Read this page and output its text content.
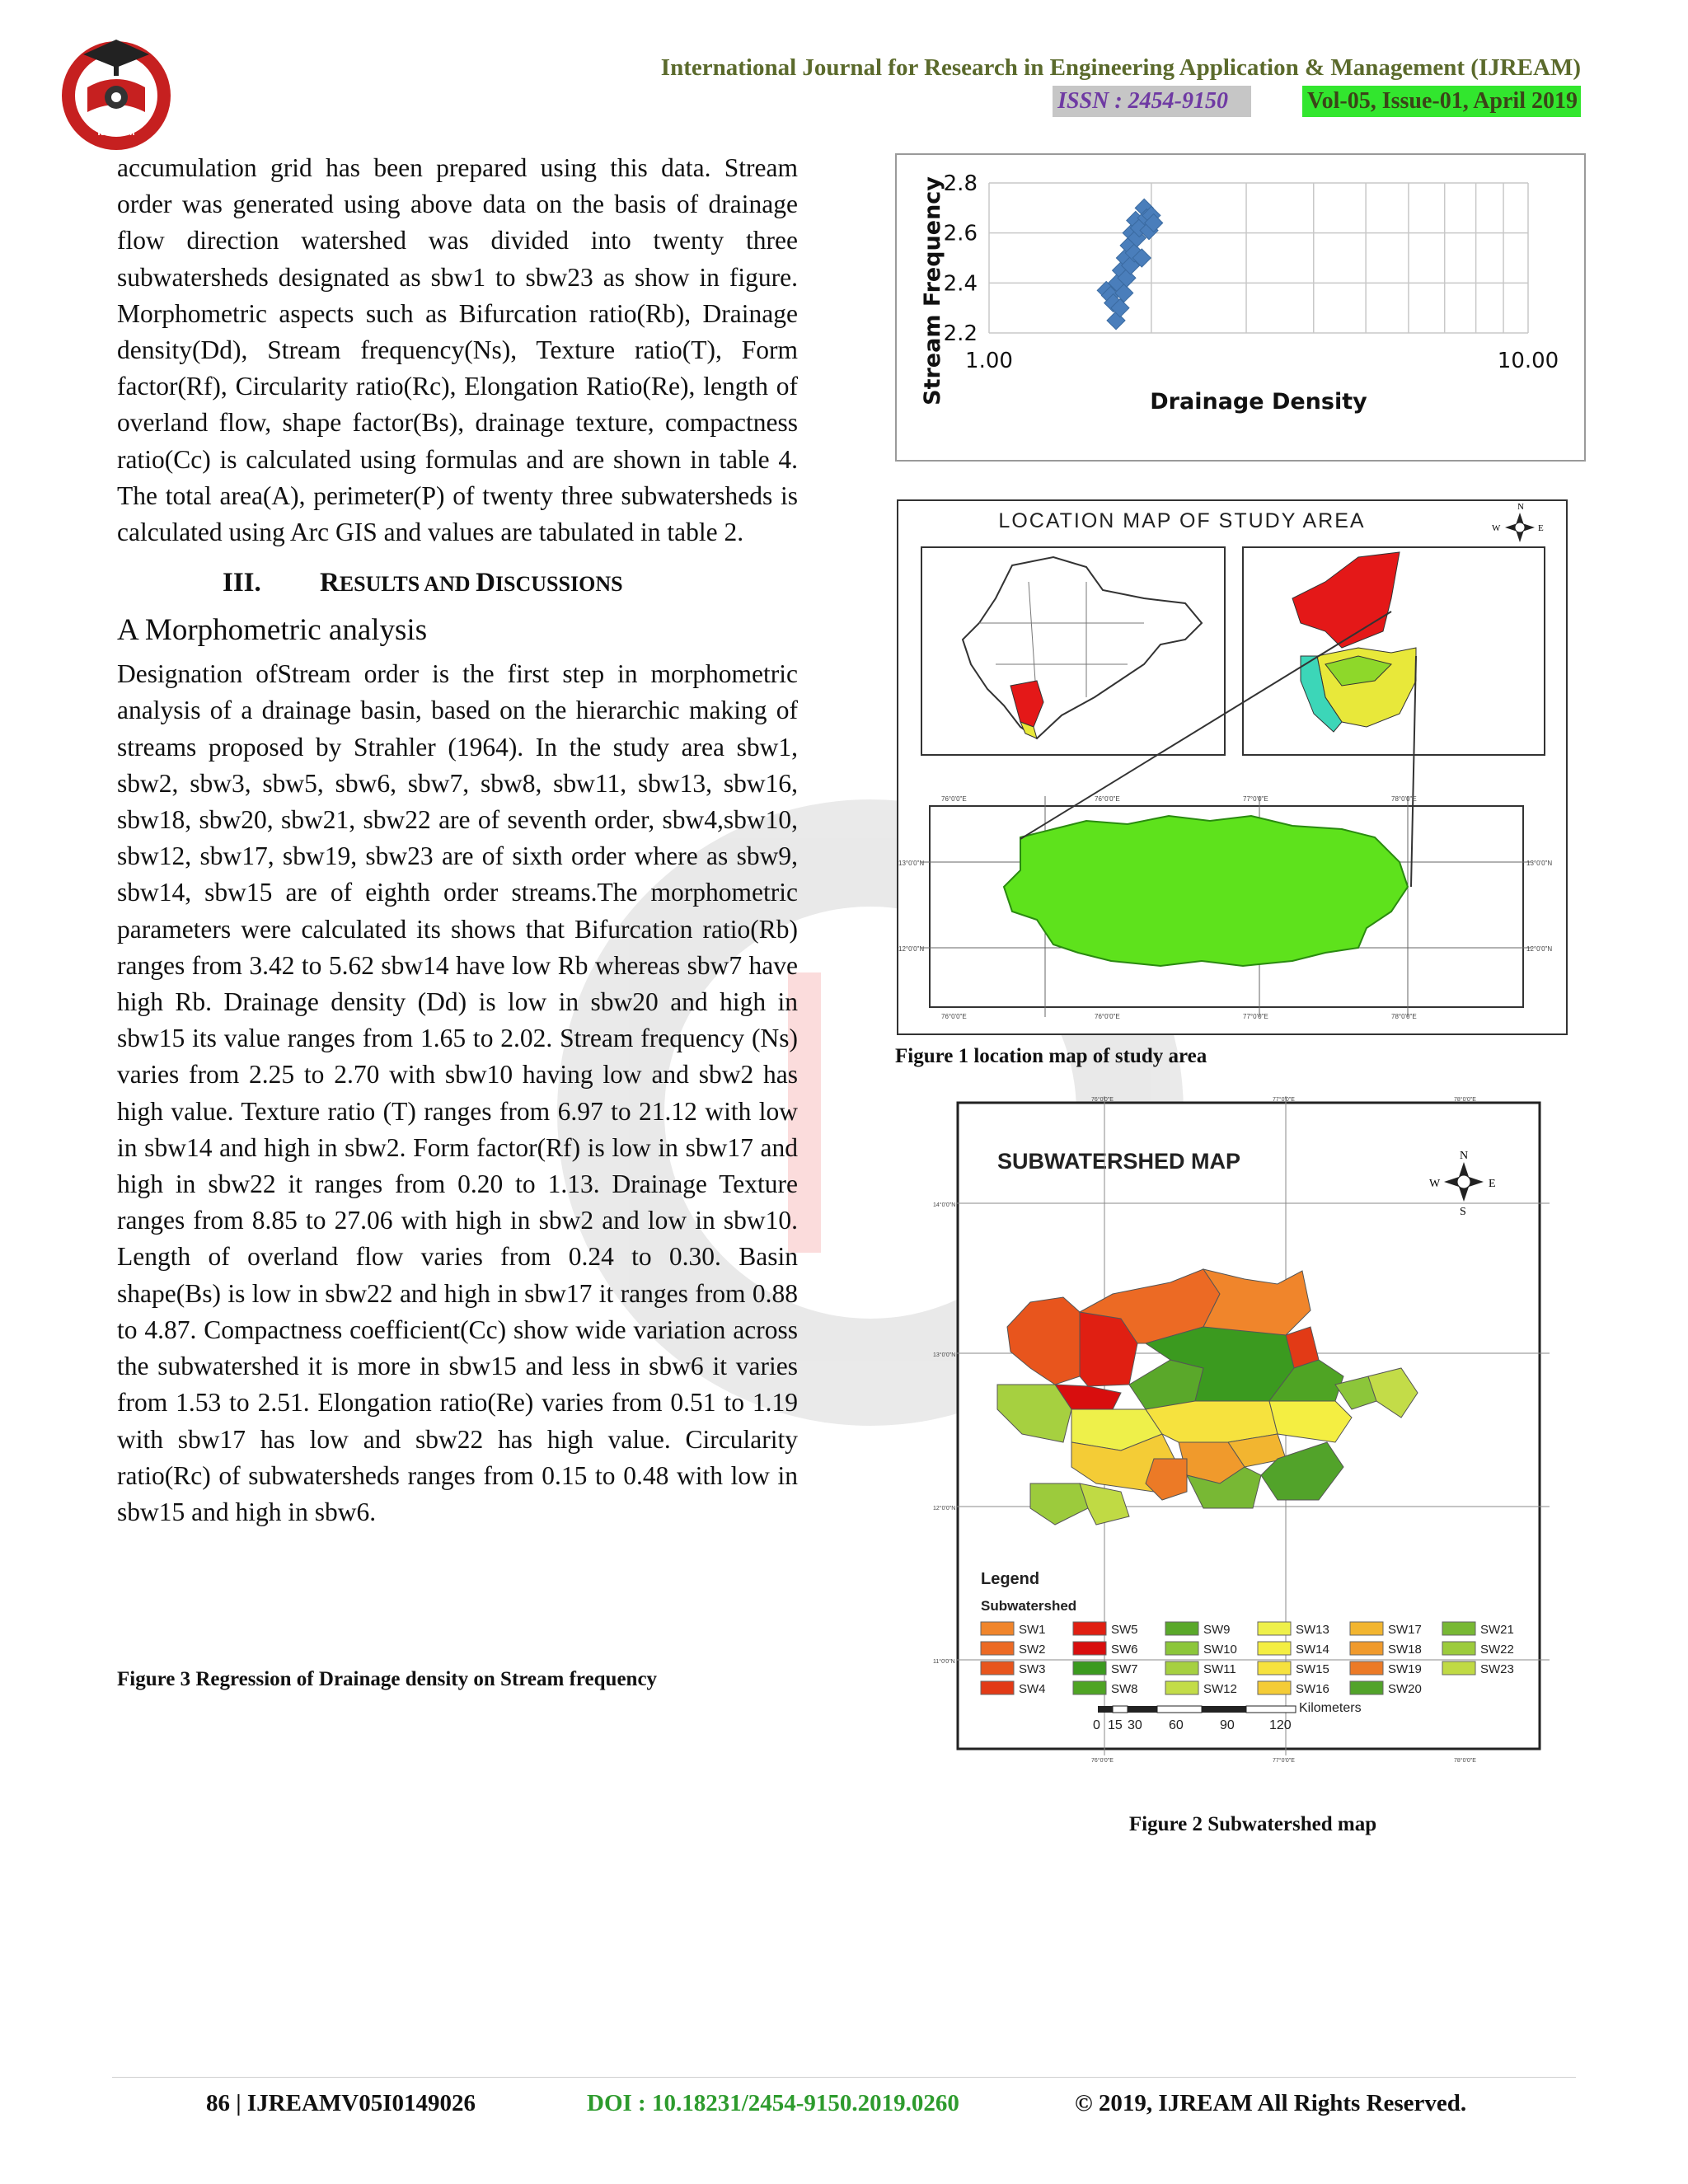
IJREAM
International Journal for Research in Engineering Application & Management (IJREAM)
ISSN : 2454-9150	Vol-05, Issue-01, April 2019

accumulation grid has been prepared using this data. Stream order was generated using above data on the basis of drainage flow direction watershed was divided into twenty three subwatersheds designated as sbw1 to sbw23 as show in figure. Morphometric aspects such as Bifurcation ratio(Rb), Drainage density(Dd), Stream frequency(Ns), Texture ratio(T), Form factor(Rf), Circularity ratio(Rc), Elongation Ratio(Re), length of overland flow, shape factor(Bs), drainage texture, compactness ratio(Cc) is calculated using formulas and are shown in table 4. The total area(A), perimeter(P) of twenty three subwatersheds is calculated using Arc GIS and values are tabulated in table 2.

III. RESULTS AND DISCUSSIONS
A Morphometric analysis

Designation ofStream order is the first step in morphometric analysis of a drainage basin, based on the hierarchic making of streams proposed by Strahler (1964). In the study area sbw1, sbw2, sbw3, sbw5, sbw6, sbw7, sbw8, sbw11, sbw13, sbw16, sbw18, sbw20, sbw21, sbw22 are of seventh order, sbw4,sbw10, sbw12, sbw17, sbw19, sbw23 are of sixth order where as sbw9, sbw14, sbw15 are of eighth order streams.The morphometric parameters were calculated its shows that Bifurcation ratio(Rb) ranges from 3.42 to 5.62 sbw14 have low Rb whereas sbw7 have high Rb. Drainage density (Dd) is low in sbw20 and high in sbw15 its value ranges from 1.65 to 2.02. Stream frequency (Ns) varies from 2.25 to 2.70 with sbw10 having low and sbw2 has high value. Texture ratio (T) ranges from 6.97 to 21.12 with low in sbw14 and high in sbw2. Form factor(Rf) is low in sbw17 and high in sbw22 it ranges from 0.20 to 1.13. Drainage Texture ranges from 8.85 to 27.06 with high in sbw2 and low in sbw10. Length of overland flow varies from 0.24 to 0.30. Basin shape(Bs) is low in sbw22 and high in sbw17 it ranges from 0.88 to 4.87. Compactness coefficient(Cc) show wide variation across the subwatershed it is more in sbw15 and less in sbw6 it varies from 1.53 to 2.51. Elongation ratio(Re) varies from 0.51 to 1.19 with sbw17 has low and sbw22 has high value. Circularity ratio(Rc) of subwatersheds ranges from 0.15 to 0.48 with low in sbw15 and high in sbw6.

Figure 3 Regression of Drainage density on Stream frequency
2.2
2.4
2.6
2.8
1.00	10.00
Drainage Density
Stream Frequency
LOCATION MAP OF STUDY AREA
N
E
W
76°0'0"E	76°0'0"E	77°0'0"E	78°0'0"E
76°0'0"E	76°0'0"E	77°0'0"E	78°0'0"E
13°0'0"N
12°0'0"N
13°0'0"N
12°0'0"N
Figure 1 location map of study area
SUBWATERSHED MAP
76°0'0"E	77°0'0"E	78°0'0"E
76°0'0"E	77°0'0"E	78°0'0"E
14°0'0"N
13°0'0"N
12°0'0"N
11°0'0"N
N
E
W
S
Legend
Subwatershed
SW1
SW2
SW3
SW4
SW5
SW6
SW7
SW8
SW9
SW10
SW11
SW12
SW13
SW14
SW15
SW16
SW17
SW18
SW19
SW20
SW21
SW22
SW23
Kilometers
0 15 30 60	90	120
Figure 2 Subwatershed map
86 | IJREAMV05I0149026	DOI : 10.18231/2454-9150.2019.0260	© 2019, IJREAM All Rights Reserved.
